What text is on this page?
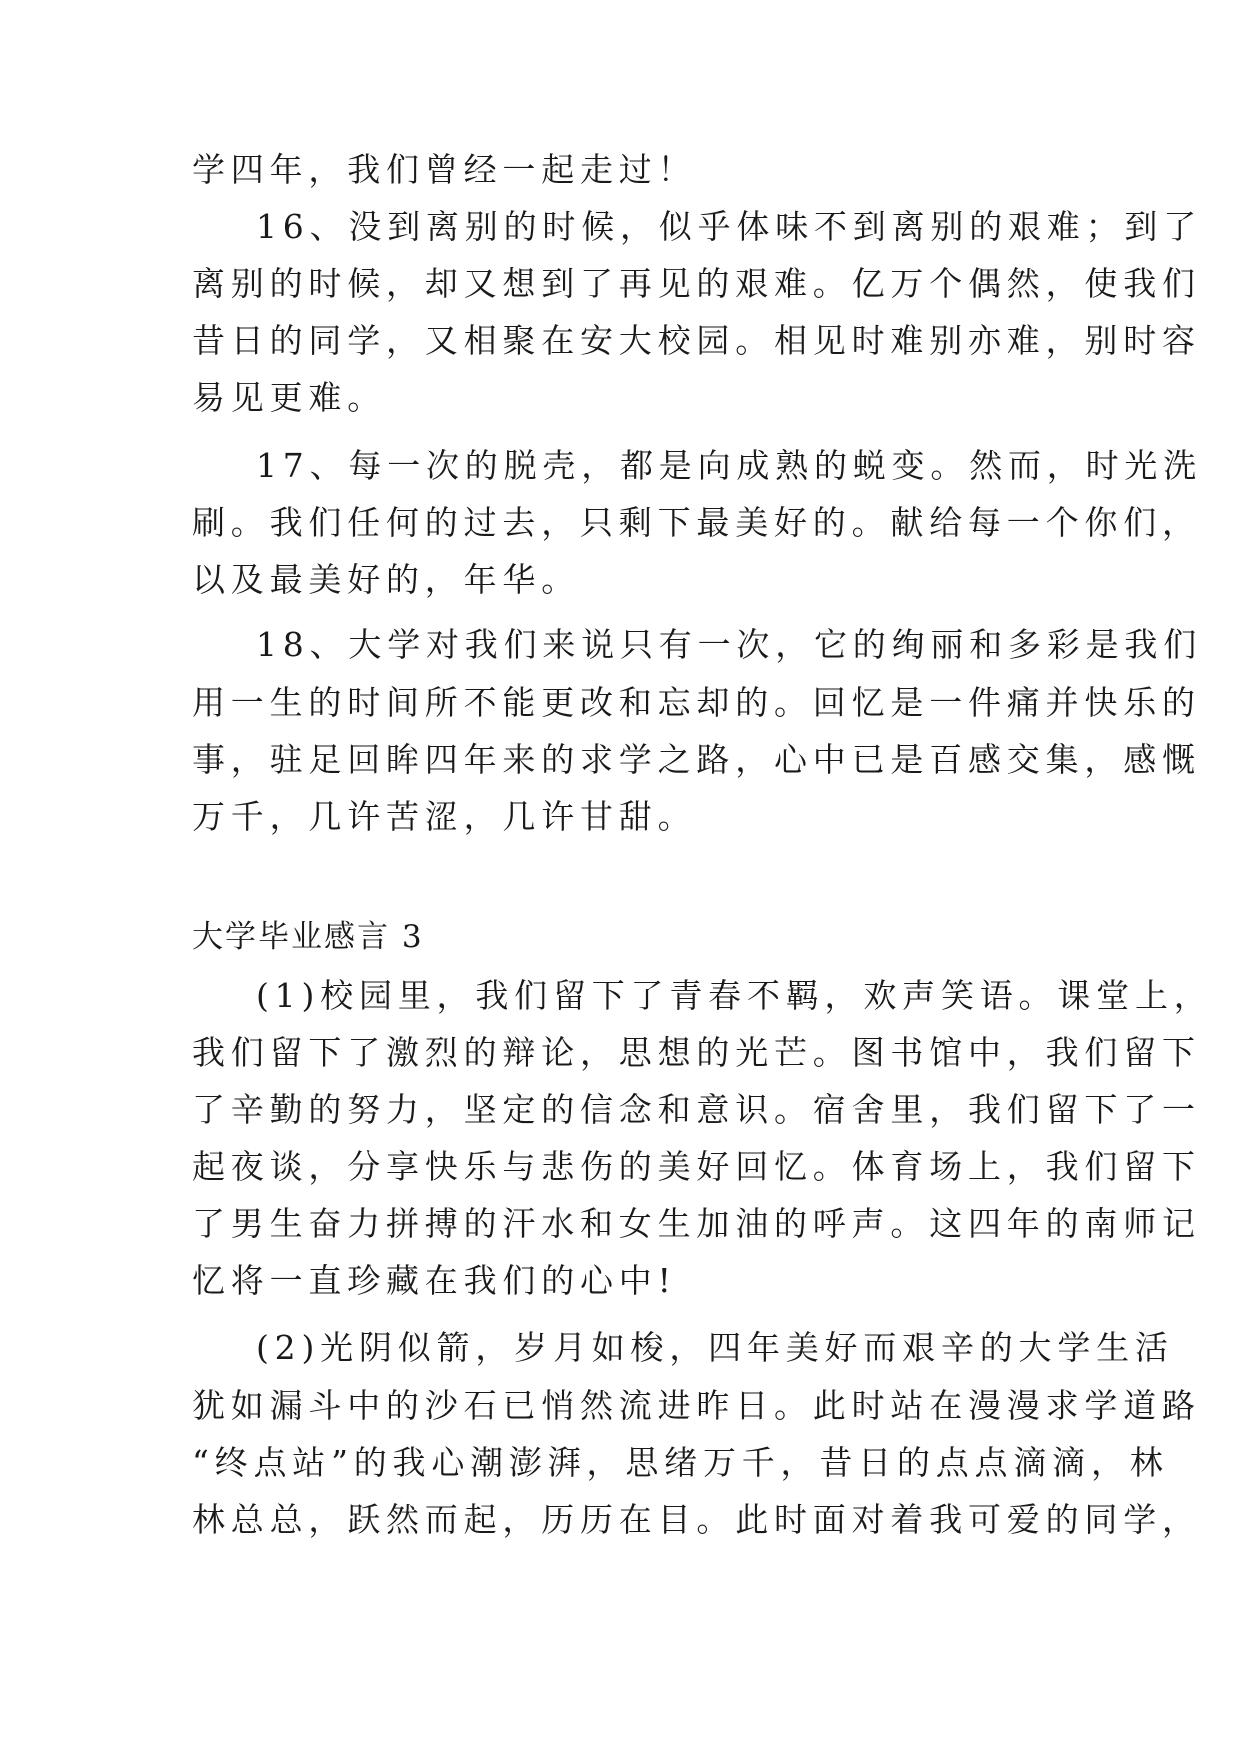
学四年，我们曾经一起走过！
16、没到离别的时候，似乎体味不到离别的艰难；到了
离别的时候，却又想到了再见的艰难。亿万个偶然，使我们
昔日的同学，又相聚在安大校园。相见时难别亦难，别时容
易见更难。
17、每一次的脱壳，都是向成熟的蜕变。然而，时光洗
刷。我们任何的过去，只剩下最美好的。献给每一个你们，
以及最美好的，年华。
18、大学对我们来说只有一次，它的绚丽和多彩是我们
用一生的时间所不能更改和忘却的。回忆是一件痛并快乐的
事，驻足回眸四年来的求学之路，心中已是百感交集，感慨
万千，几许苦涩，几许甘甜。
大学毕业感言 3
(1)校园里，我们留下了青春不羁，欢声笑语。课堂上，
我们留下了激烈的辩论，思想的光芒。图书馆中，我们留下
了辛勤的努力，坚定的信念和意识。宿舍里，我们留下了一
起夜谈，分享快乐与悲伤的美好回忆。体育场上，我们留下
了男生奋力拼搏的汗水和女生加油的呼声。这四年的南师记
忆将一直珍藏在我们的心中!
(2)光阴似箭，岁月如梭，四年美好而艰辛的大学生活
犹如漏斗中的沙石已悄然流进昨日。此时站在漫漫求学道路
“终点站”的我心潮澎湃，思绪万千，昔日的点点滴滴，林
林总总，跃然而起，历历在目。此时面对着我可爱的同学，
